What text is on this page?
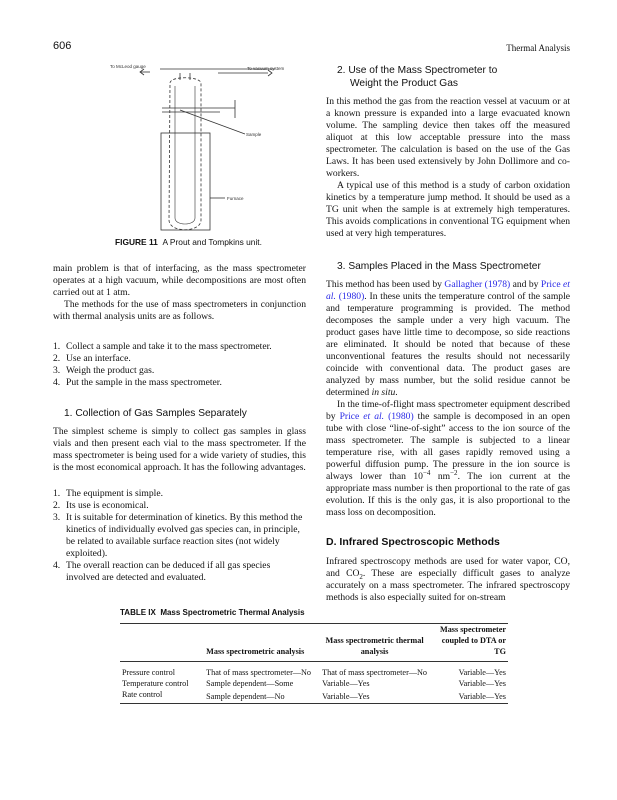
606	Thermal Analysis
To McLeod gauge	To vacuum system
Sample
Furnace
FIGURE 11 A Prout and Tompkins unit.

main problem is that of interfacing, as the mass spectrometer operates at a high vacuum, while decompositions are most often carried out at 1 atm.

The methods for the use of mass spectrometers in conjunction with thermal analysis units are as follows.

1. Collect a sample and take it to the mass spectrometer.
2. Use an interface.
3. Weigh the product gas.
4. Put the sample in the mass spectrometer.
1. Collection of Gas Samples Separately

The simplest scheme is simply to collect gas samples in glass vials and then present each vial to the mass spectrometer. If the mass spectrometer is being used for a wide variety of studies, this is the most economical approach. It has the following advantages.

1. The equipment is simple.
2. Its use is economical.
3. It is suitable for determination of kinetics. By this method the kinetics of individually evolved gas species can, in principle, be related to available surface reaction sites (not widely exploited).
4. The overall reaction can be deduced if all gas species involved are detected and evaluated.
2. Use of the Mass Spectrometer to Weight the Product Gas

In this method the gas from the reaction vessel at vacuum or at a known pressure is expanded into a large evacuated known volume. The sampling device then takes off the measured aliquot at this low acceptable pressure into the mass spectrometer. The calculation is based on the use of the Gas Laws. It has been used extensively by John Dollimore and co-workers.

A typical use of this method is a study of carbon oxidation kinetics by a temperature jump method. It should be used as a TG unit when the sample is at extremely high temperatures. This avoids complications in conventional TG equipment when used at very high temperatures.

3. Samples Placed in the Mass Spectrometer

This method has been used by Gallagher (1978) and by Price et al. (1980). In these units the temperature control of the sample and temperature programming is provided. The method decomposes the sample under a very high vacuum. The product gases have little time to decompose, so side reactions are eliminated. It should be noted that because of these unconventional features the results should not necessarily coincide with conventional data. The product gases are analyzed by mass number, but the solid residue cannot be determined in situ.

In the time-of-flight mass spectrometer equipment described by Price et al. (1980) the sample is decomposed in an open tube with close “line-of-sight” access to the ion source of the mass spectrometer. The sample is subjected to a linear temperature rise, with all gases rapidly removed using a powerful diffusion pump. The pressure in the ion source is always lower than $10^{-4}$ $nm^{-2}$. The ion current at the appropriate mass number is then proportional to the rate of gas evolution. If this is the only gas, it is also proportional to the mass loss on decomposition.

D. Infrared Spectroscopic Methods

Infrared spectroscopy methods are used for water vapor, CO, and $CO_2$. These are especially difficult gases to analyze accurately on a mass spectrometer. The infrared spectroscopy methods is also especially suited for on-stream

TABLE IX Mass Spectrometric Thermal Analysis
	Mass spectrometric analysis	Mass spectrometric thermal analysis	Mass spectrometer coupled to DTA or TG
Pressure control	That of mass spectrometer—No	That of mass spectrometer—No	Variable—Yes
Temperature control	Sample dependent—Some	Variable—Yes	Variable—Yes
Rate control	Sample dependent—No	Variable—Yes	Variable—Yes
